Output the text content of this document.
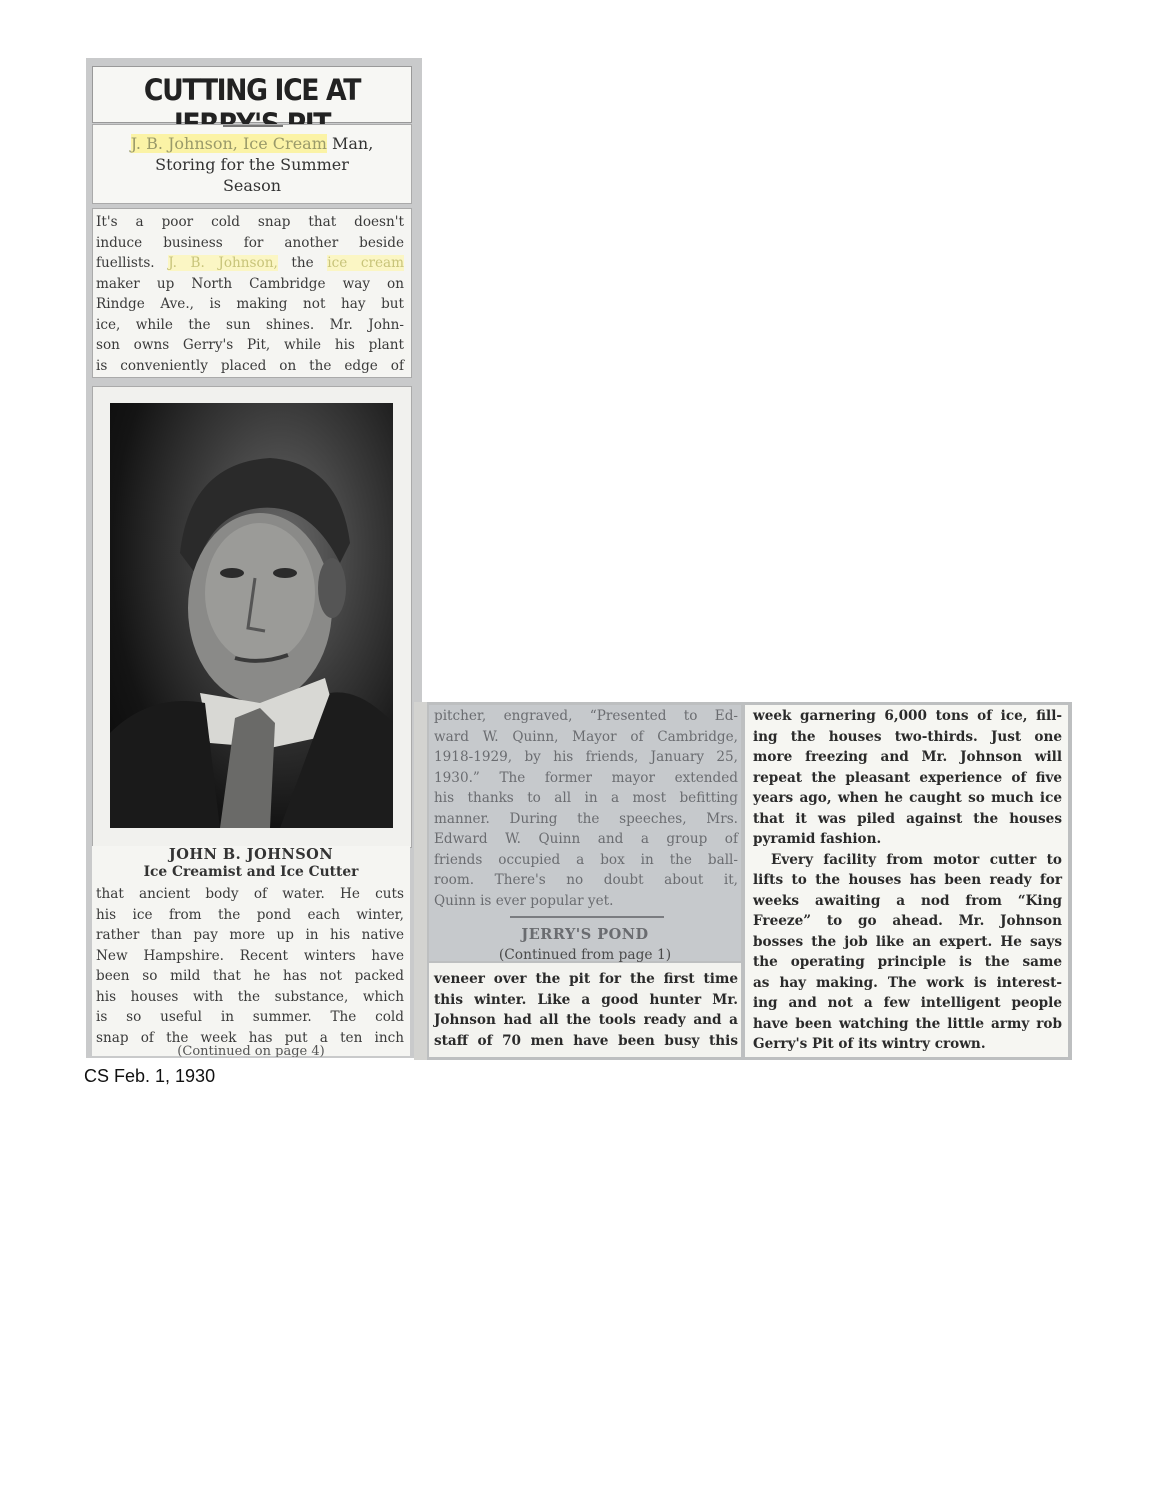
CUTTING ICE AT
J. B. Johnson, Ice Cream Man,
Storing for the Summer
Season
It's a poor cold snap that doesn't
induce business for another beside
fuellists. J. B. Johnson, the ice cream
maker up North Cambridge way on
Rindge Ave., is making not hay but
ice, while the sun shines. Mr. John-
son owns Gerry's Pit, while his plant
is conveniently placed on the edge of
JOHN B. JOHNSON
Ice Creamist and Ice Cutter
that ancient body of water. He cuts
his ice from the pond each winter,
rather than pay more up in his native
New Hampshire. Recent winters have
been so mild that he has not packed
his houses with the substance, which
is so useful in summer. The cold
snap of the week has put a ten inch
(Continued on page 4)
pitcher, engraved, “Presented to Ed-
ward W. Quinn, Mayor of Cambridge,
1918-1929, by his friends, January 25,
1930.” The former mayor extended
his thanks to all in a most befitting
manner. During the speeches, Mrs.
Edward W. Quinn and a group of
friends occupied a box in the ball-
room. There's no doubt about it,
Quinn is ever popular yet.
JERRY'S POND
(Continued from page 1)
veneer over the pit for the first time
this winter. Like a good hunter Mr.
Johnson had all the tools ready and a
staff of 70 men have been busy this
week garnering 6,000 tons of ice, fill-
ing the houses two-thirds. Just one
more freezing and Mr. Johnson will
repeat the pleasant experience of five
years ago, when he caught so much ice
that it was piled against the houses
pyramid fashion.
Every facility from motor cutter to
lifts to the houses has been ready for
weeks awaiting a nod from “King
Freeze” to go ahead. Mr. Johnson
bosses the job like an expert. He says
the operating principle is the same
as hay making. The work is interest-
ing and not a few intelligent people
have been watching the little army rob
Gerry's Pit of its wintry crown.
CS Feb. 1, 1930
